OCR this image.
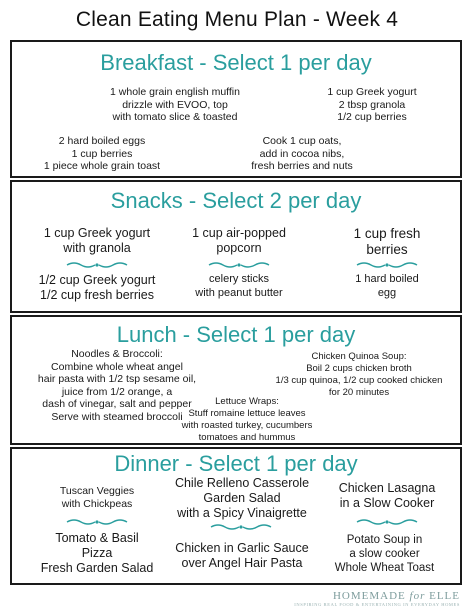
Clean Eating Menu Plan - Week 4
Breakfast - Select 1 per day
1 whole grain english muffin
drizzle with EVOO, top
with tomato slice & toasted
1 cup Greek yogurt
2 tbsp granola
1/2 cup berries
2 hard boiled eggs
1 cup berries
1 piece whole grain toast
Cook 1 cup oats,
add in cocoa nibs,
fresh berries and nuts
Snacks - Select 2 per day
1 cup Greek yogurt
with granola
1 cup air-popped
popcorn
1 cup fresh
berries
1/2 cup Greek yogurt
1/2 cup fresh berries
celery sticks
with peanut butter
1 hard boiled
egg
Lunch - Select 1 per day
Noodles & Broccoli:
Combine whole wheat angel
hair pasta with 1/2 tsp sesame oil,
juice from 1/2 orange, a
dash of vinegar, salt and pepper
Serve with steamed broccoli
Chicken Quinoa Soup:
Boil 2 cups chicken broth
1/3 cup quinoa, 1/2 cup cooked chicken
for 20 minutes
Lettuce Wraps:
Stuff romaine lettuce leaves
with roasted turkey, cucumbers
tomatoes and hummus
Dinner - Select 1 per day
Tuscan Veggies
with Chickpeas
Chile Relleno Casserole
Garden Salad
with a Spicy Vinaigrette
Chicken Lasagna
in a Slow Cooker
Tomato & Basil
Pizza
Fresh Garden Salad
Chicken in Garlic Sauce
over Angel Hair Pasta
Potato Soup in
a slow cooker
Whole Wheat Toast
HOMEMADE for ELLE
INSPIRING REAL FOOD & ENTERTAINING IN EVERYDAY HOMES
